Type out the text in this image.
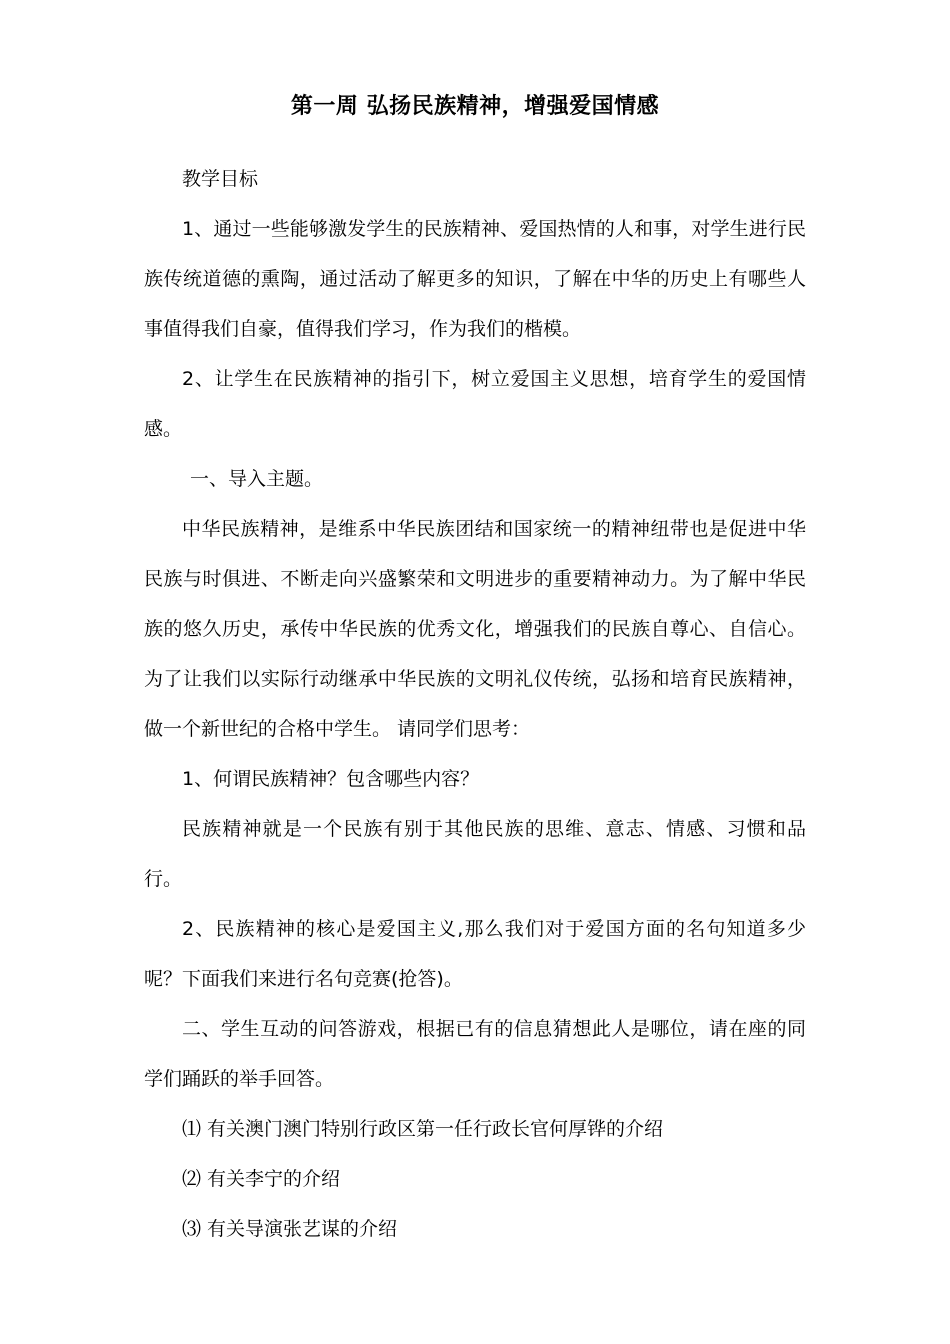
第一周 弘扬民族精神，增强爱国情感

教学目标

1、通过一些能够激发学生的民族精神、爱国热情的人和事，对学生进行民族传统道德的熏陶，通过活动了解更多的知识，了解在中华的历史上有哪些人事值得我们自豪，值得我们学习，作为我们的楷模。

2、让学生在民族精神的指引下，树立爱国主义思想，培育学生的爱国情感。

一、导入主题。

中华民族精神，是维系中华民族团结和国家统一的精神纽带也是促进中华民族与时俱进、不断走向兴盛繁荣和文明进步的重要精神动力。为了解中华民族的悠久历史，承传中华民族的优秀文化，增强我们的民族自尊心、自信心。为了让我们以实际行动继承中华民族的文明礼仪传统，弘扬和培育民族精神，做一个新世纪的合格中学生。 请同学们思考：

1、何谓民族精神？包含哪些内容？

民族精神就是一个民族有别于其他民族的思维、意志、情感、习惯和品行。

2、民族精神的核心是爱国主义,那么我们对于爱国方面的名句知道多少呢？下面我们来进行名句竞赛(抢答)。

二、学生互动的问答游戏，根据已有的信息猜想此人是哪位，请在座的同学们踊跃的举手回答。

⑴ 有关澳门澳门特别行政区第一任行政长官何厚铧的介绍

⑵ 有关李宁的介绍

⑶ 有关导演张艺谋的介绍
